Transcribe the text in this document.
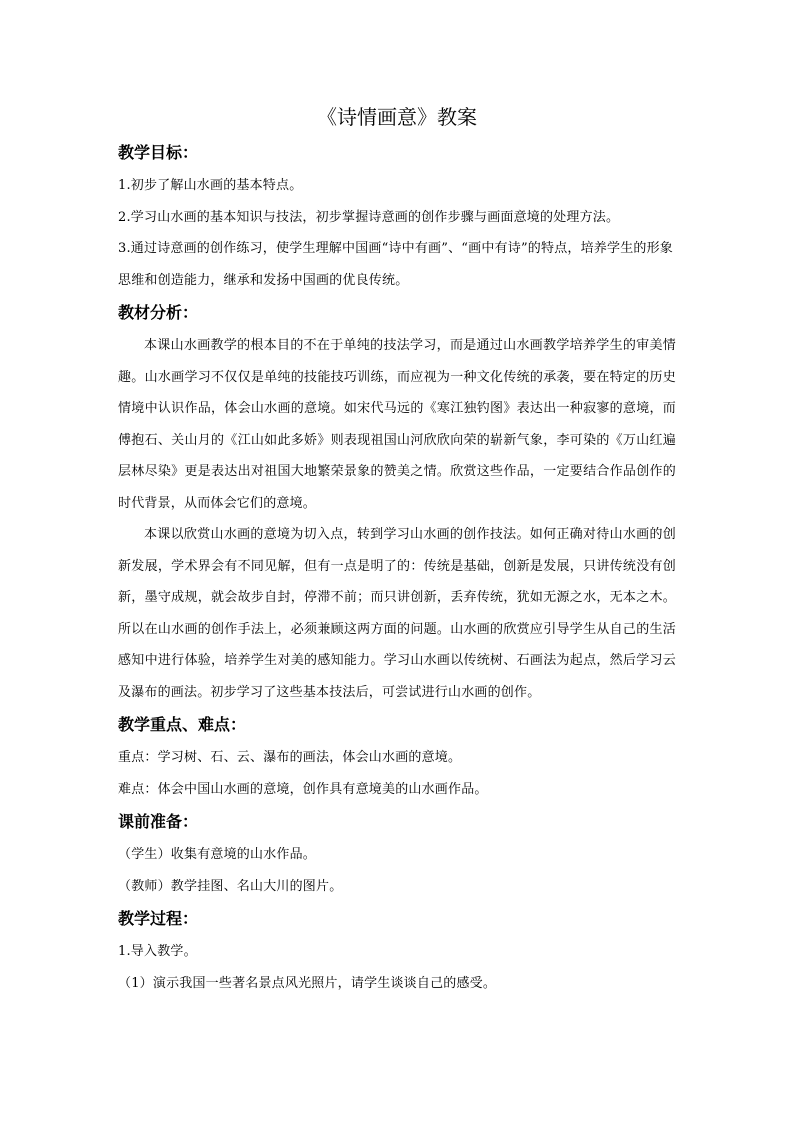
《诗情画意》教案
教学目标：

1.初步了解山水画的基本特点。

2.学习山水画的基本知识与技法，初步掌握诗意画的创作步骤与画面意境的处理方法。

3.通过诗意画的创作练习，使学生理解中国画“诗中有画”、“画中有诗”的特点，培养学生的形象思维和创造能力，继承和发扬中国画的优良传统。

教材分析：

本课山水画教学的根本目的不在于单纯的技法学习，而是通过山水画教学培养学生的审美情趣。山水画学习不仅仅是单纯的技能技巧训练，而应视为一种文化传统的承袭，要在特定的历史情境中认识作品，体会山水画的意境。如宋代马远的《寒江独钓图》表达出一种寂寥的意境，而傅抱石、关山月的《江山如此多娇》则表现祖国山河欣欣向荣的崭新气象，李可染的《万山红遍层林尽染》更是表达出对祖国大地繁荣景象的赞美之情。欣赏这些作品，一定要结合作品创作的时代背景，从而体会它们的意境。

本课以欣赏山水画的意境为切入点，转到学习山水画的创作技法。如何正确对待山水画的创新发展，学术界会有不同见解，但有一点是明了的：传统是基础，创新是发展，只讲传统没有创新，墨守成规，就会故步自封，停滞不前；而只讲创新，丢弃传统，犹如无源之水，无本之木。所以在山水画的创作手法上，必须兼顾这两方面的问题。山水画的欣赏应引导学生从自己的生活感知中进行体验，培养学生对美的感知能力。学习山水画以传统树、石画法为起点，然后学习云及瀑布的画法。初步学习了这些基本技法后，可尝试进行山水画的创作。

教学重点、难点：

重点：学习树、石、云、瀑布的画法，体会山水画的意境。

难点：体会中国山水画的意境，创作具有意境美的山水画作品。

课前准备：

（学生）收集有意境的山水作品。

（教师）教学挂图、名山大川的图片。

教学过程：

1.导入教学。

（1）演示我国一些著名景点风光照片，请学生谈谈自己的感受。
